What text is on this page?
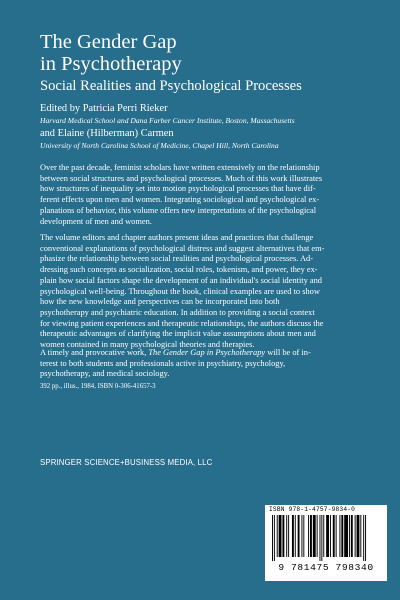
The Gender Gap
in Psychotherapy
Social Realities and Psychological Processes
Edited by Patricia Perri Rieker
Harvard Medical School and Dana Farber Cancer Institute, Boston, Massachusetts
and Elaine (Hilberman) Carmen
University of North Carolina School of Medicine, Chapel Hill, North Carolina
Over the past decade, feminist scholars have written extensively on the relationship
between social structures and psychological processes. Much of this work illustrates
how structures of inequality set into motion psychological processes that have dif-
ferent effects upon men and women. Integrating sociological and psychological ex-
planations of behavior, this volume offers new interpretations of the psychological
development of men and women.
The volume editors and chapter authors present ideas and practices that challenge
conventional explanations of psychological distress and suggest alternatives that em-
phasize the relationship between social realities and psychological processes. Ad-
dressing such concepts as socialization, social roles, tokenism, and power, they ex-
plain how social factors shape the development of an individual's social identity and
psychological well-being. Throughout the book, clinical examples are used to show
how the new knowledge and perspectives can be incorporated into both
psychotherapy and psychiatric education. In addition to providing a social context
for viewing patient experiences and therapeutic relationships, the authors discuss the
therapeutic advantages of clarifying the implicit value assumptions about men and
women contained in many psychological theories and therapies.
A timely and provocative work, The Gender Gap in Psychotherapy will be of in-
terest to both students and professionals active in psychiatry, psychology,
psychotherapy, and medical sociology.
392 pp., illus., 1984, ISBN 0-306-41657-3
SPRINGER SCIENCE+BUSINESS MEDIA, LLC
ISBN 978-1-4757-9834-0
9 781475 798340
